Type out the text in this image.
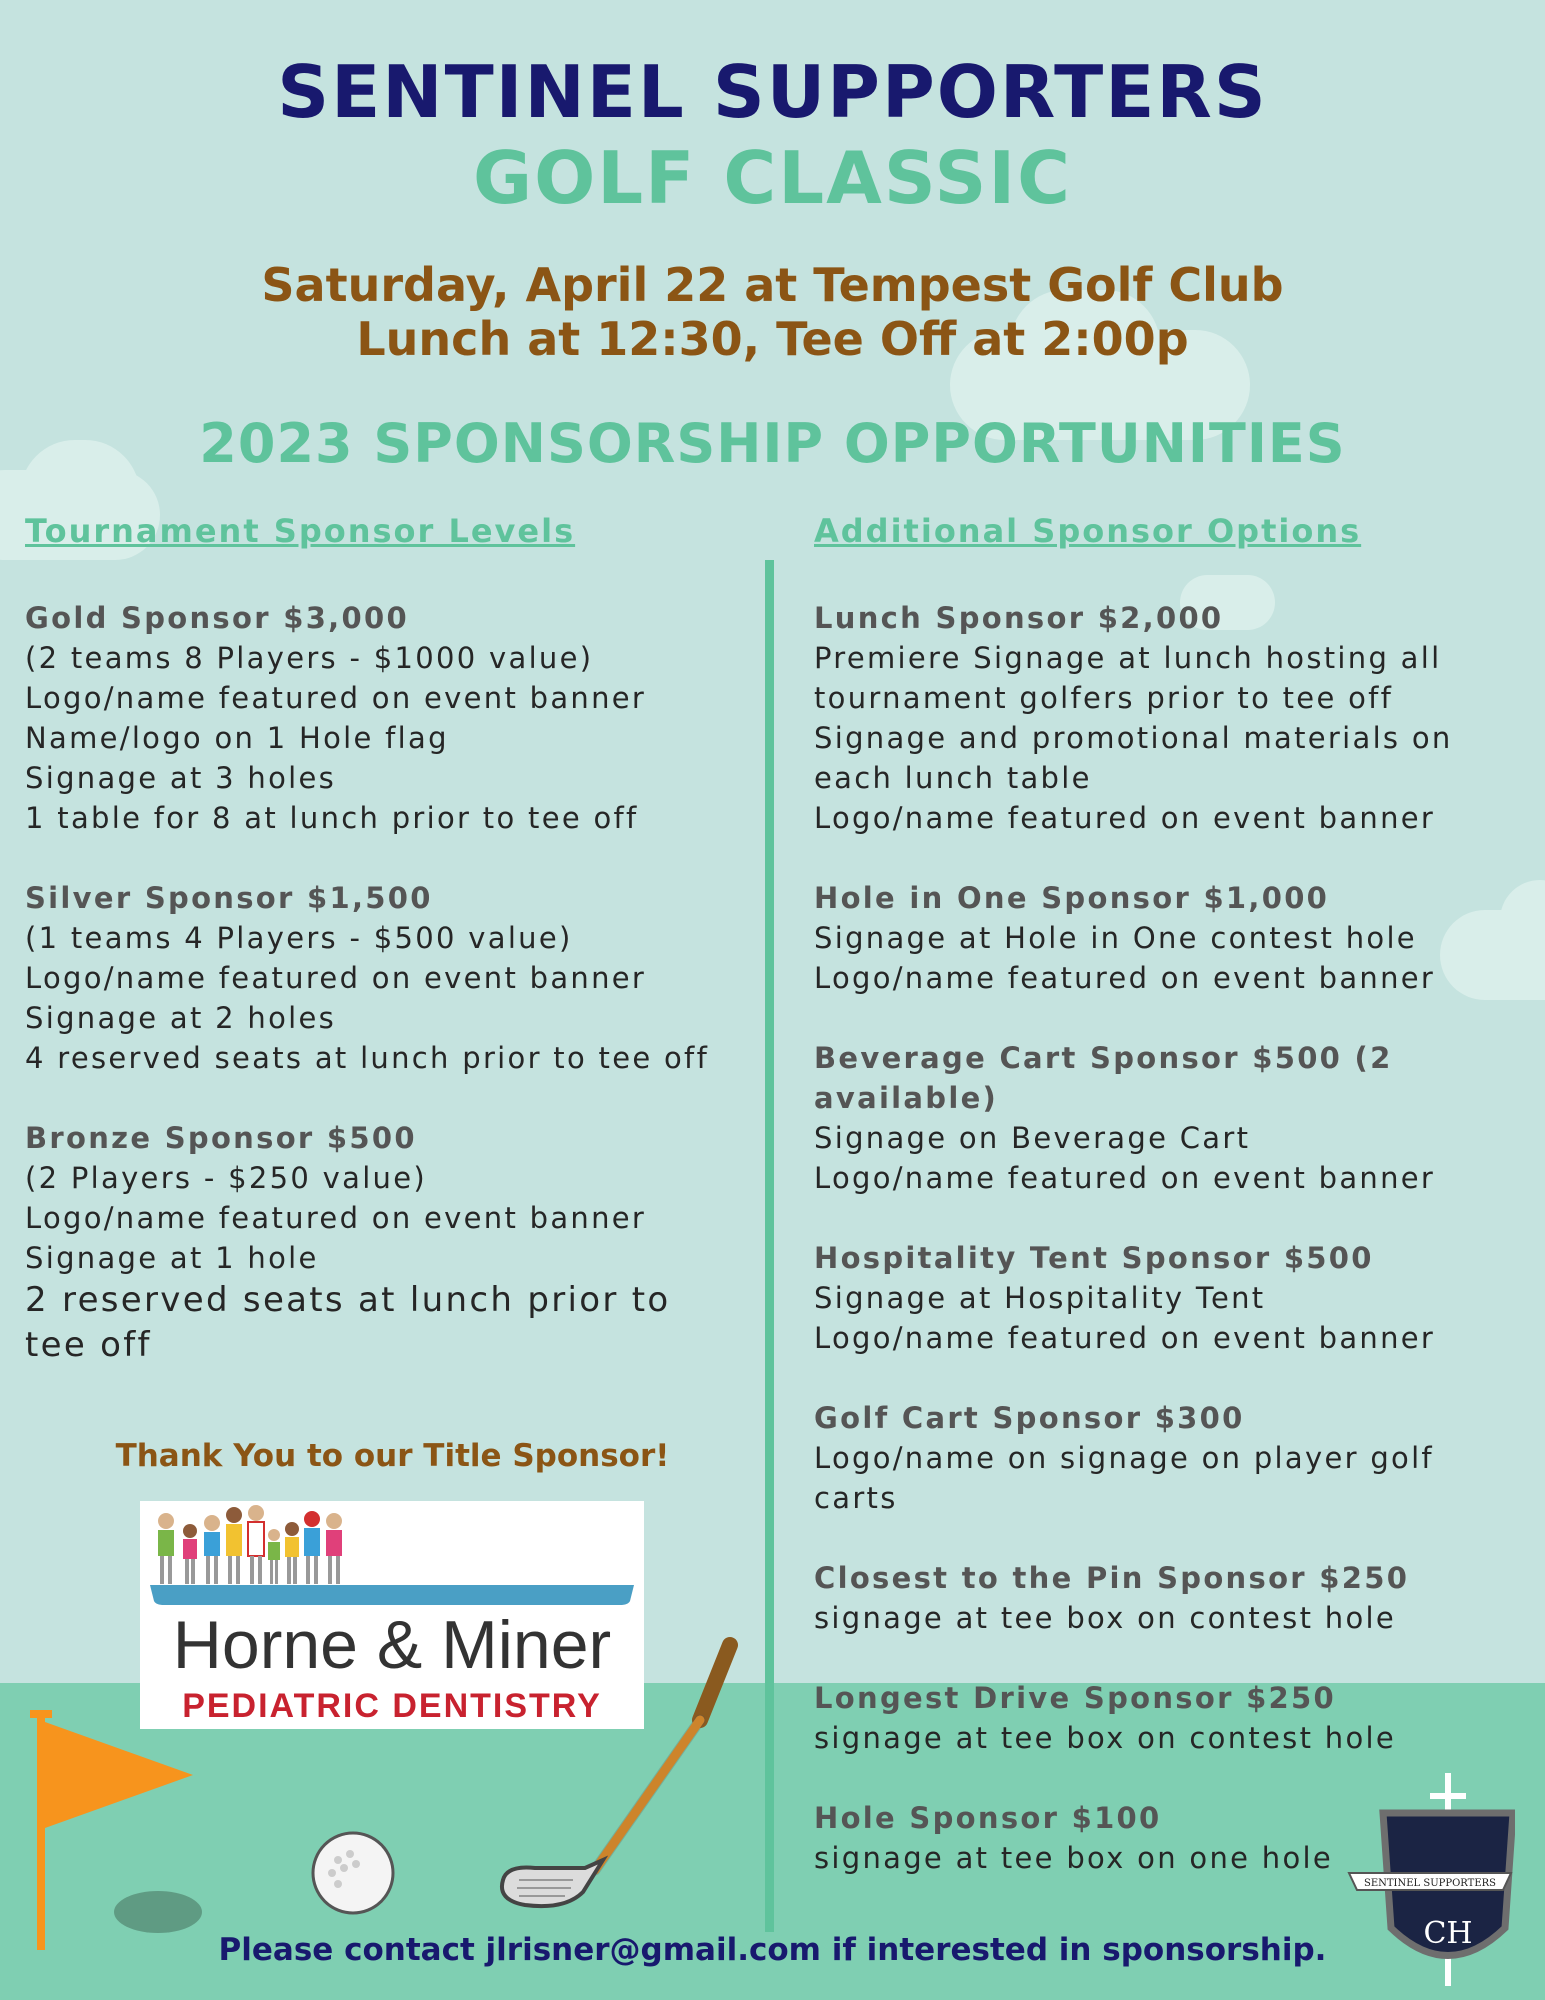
SENTINEL SUPPORTERS
GOLF CLASSIC
Saturday, April 22 at Tempest Golf Club
Lunch at 12:30, Tee Off at 2:00p
2023 SPONSORSHIP OPPORTUNITIES
Tournament Sponsor Levels	Additional Sponsor Options
Gold Sponsor $3,000
(2 teams 8 Players - $1000 value)
Logo/name featured on event banner
Name/logo on 1 Hole flag
Signage at 3 holes
1 table for 8 at lunch prior to tee off
Silver Sponsor $1,500
(1 teams 4 Players - $500 value)
Logo/name featured on event banner
Signage at 2 holes
4 reserved seats at lunch prior to tee off
Bronze Sponsor $500
(2 Players - $250 value)
Logo/name featured on event banner
Signage at 1 hole
2 reserved seats at lunch prior to tee off
Lunch Sponsor $2,000
Premiere Signage at lunch hosting all
tournament golfers prior to tee off
Signage and promotional materials on
each lunch table
Logo/name featured on event banner
Hole in One Sponsor $1,000
Signage at Hole in One contest hole
Logo/name featured on event banner
Beverage Cart Sponsor $500 (2
available)
Signage on Beverage Cart
Logo/name featured on event banner
Hospitality Tent Sponsor $500
Signage at Hospitality Tent
Logo/name featured on event banner
Golf Cart Sponsor $300
Logo/name on signage on player golf
carts
Closest to the Pin Sponsor $250
signage at tee box on contest hole
Longest Drive Sponsor $250
signage at tee box on contest hole
Hole Sponsor $100
signage at tee box on one hole
Thank You to our Title Sponsor!
Horne & Miner
PEDIATRIC DENTISTRY
SENTINEL SUPPORTERS
CH
Please contact jlrisner@gmail.com if interested in sponsorship.
